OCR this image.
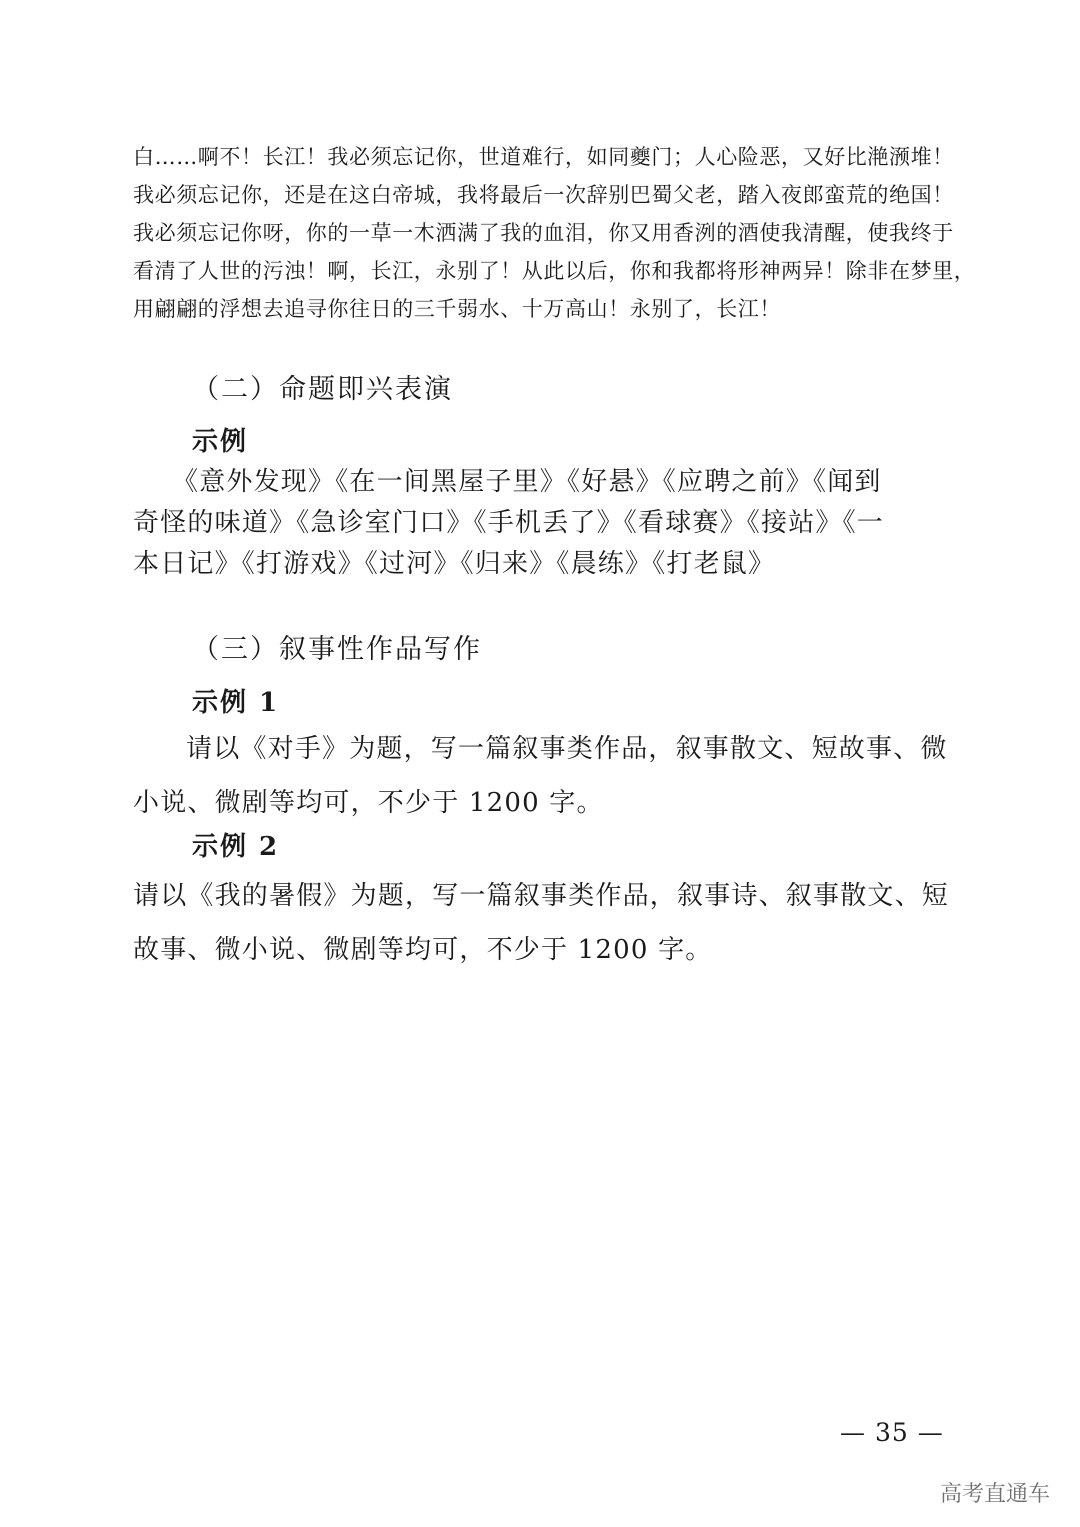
白……啊不！长江！我必须忘记你，世道难行，如同夔门；人心险恶，又好比滟滪堆！
我必须忘记你，还是在这白帝城，我将最后一次辞别巴蜀父老，踏入夜郎蛮荒的绝国！
我必须忘记你呀，你的一草一木洒满了我的血泪，你又用香洌的酒使我清醒，使我终于
看清了人世的污浊！啊，长江，永别了！从此以后，你和我都将形神两异！除非在梦里，
用翩翩的浮想去追寻你往日的三千弱水、十万高山！永别了，长江！
（二）命题即兴表演
示例
《意外发现》《在一间黑屋子里》《好悬》《应聘之前》《闻到
奇怪的味道》《急诊室门口》《手机丢了》《看球赛》《接站》《一
本日记》《打游戏》《过河》《归来》《晨练》《打老鼠》
（三）叙事性作品写作
示例 1
请以《对手》为题，写一篇叙事类作品，叙事散文、短故事、微
小说、微剧等均可，不少于 1200 字。
示例 2
请以《我的暑假》为题，写一篇叙事类作品，叙事诗、叙事散文、短
故事、微小说、微剧等均可，不少于 1200 字。
— 35 —
高考直通车
